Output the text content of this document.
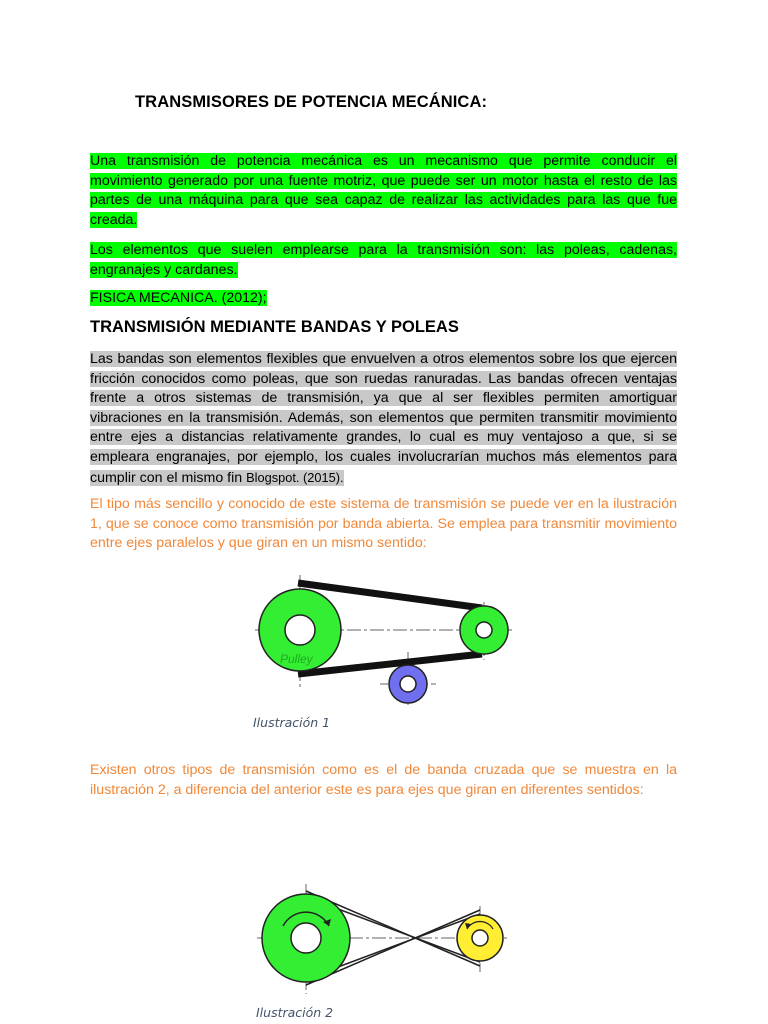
TRANSMISORES DE POTENCIA MECÁNICA:

Una transmisión de potencia mecánica es un mecanismo que permite conducir el movimiento generado por una fuente motriz, que puede ser un motor hasta el resto de las partes de una máquina para que sea capaz de realizar las actividades para las que fue creada.

Los elementos que suelen emplearse para la transmisión son: las poleas, cadenas, engranajes y cardanes.

FISICA MECANICA. (2012);

TRANSMISIÓN MEDIANTE BANDAS Y POLEAS

Las bandas son elementos flexibles que envuelven a otros elementos sobre los que ejercen fricción conocidos como poleas, que son ruedas ranuradas. Las bandas ofrecen ventajas frente a otros sistemas de transmisión, ya que al ser flexibles permiten amortiguar vibraciones en la transmisión. Además, son elementos que permiten transmitir movimiento entre ejes a distancias relativamente grandes, lo cual es muy ventajoso a que, si se empleara engranajes, por ejemplo, los cuales involucrarían muchos más elementos para cumplir con el mismo fin Blogspot. (2015).

El tipo más sencillo y conocido de este sistema de transmisión se puede ver en la ilustración 1, que se conoce como transmisión por banda abierta. Se emplea para transmitir movimiento entre ejes paralelos y que giran en un mismo sentido:

Pulley

Ilustración 1

Existen otros tipos de transmisión como es el de banda cruzada que se muestra en la ilustración 2, a diferencia del anterior este es para ejes que giran en diferentes sentidos:

Ilustración 2
